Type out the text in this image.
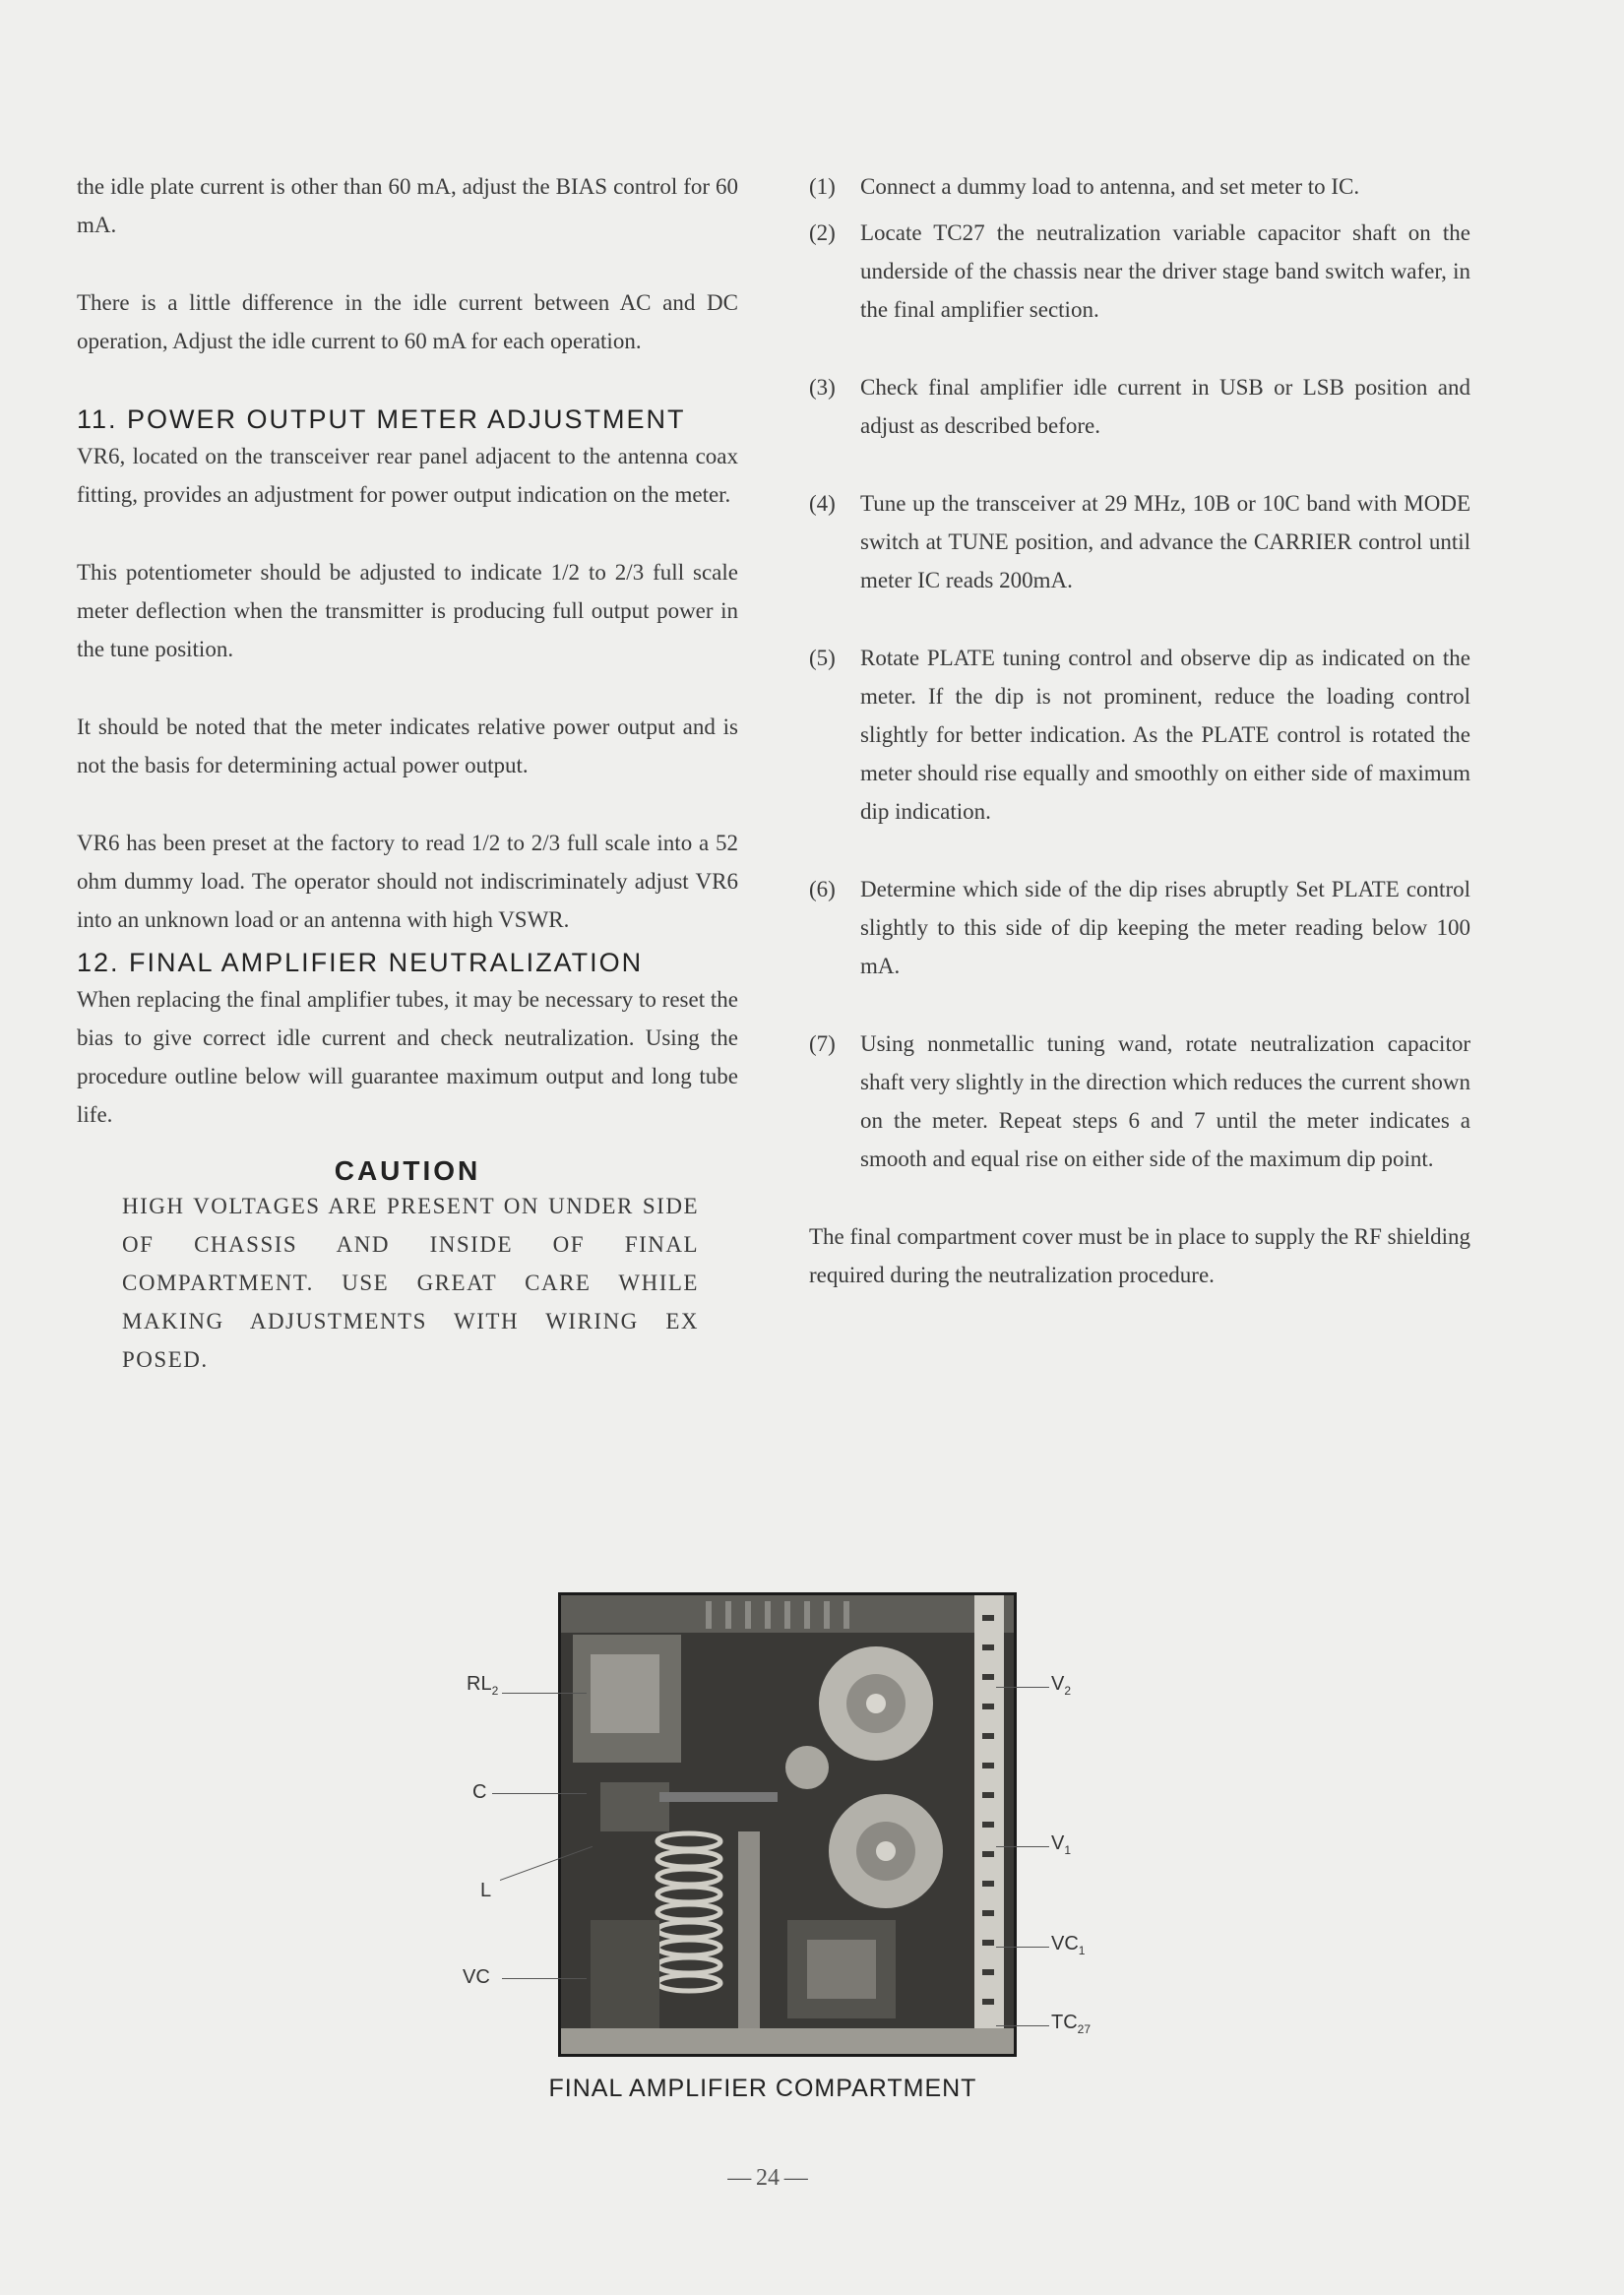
the idle plate current is other than 60 mA, adjust the BIAS control for 60 mA.

There is a little difference in the idle current between AC and DC operation, Adjust the idle current to 60 mA for each operation.

11. POWER OUTPUT METER ADJUSTMENT

VR6, located on the transceiver rear panel adjacent to the antenna coax fitting, provides an adjustment for power output indication on the meter.

This potentiometer should be adjusted to indicate 1/2 to 2/3 full scale meter deflection when the transmitter is producing full output power in the tune position.

It should be noted that the meter indicates relative power output and is not the basis for determining actual power output.

VR6 has been preset at the factory to read 1/2 to 2/3 full scale into a 52 ohm dummy load. The operator should not indiscriminately adjust VR6 into an unknown load or an antenna with high VSWR.

12. FINAL AMPLIFIER NEUTRALIZATION

When replacing the final amplifier tubes, it may be necessary to reset the bias to give correct idle current and check neutralization. Using the procedure outline below will guarantee maximum output and long tube life.

CAUTION

HIGH VOLTAGES ARE PRESENT ON UNDER SIDE OF CHASSIS AND INSIDE OF FINAL COMPARTMENT. USE GREAT CARE WHILE MAKING ADJUSTMENTS WITH WIRING EX POSED.

(1)	Connect a dummy load to antenna, and set meter to IC.
(2)	Locate TC27 the neutralization variable capacitor shaft on the underside of the chassis near the driver stage band switch wafer, in the final amplifier section.
(3)	Check final amplifier idle current in USB or LSB position and adjust as described before.
(4)	Tune up the transceiver at 29 MHz, 10B or 10C band with MODE switch at TUNE position, and advance the CARRIER control until meter IC reads 200mA.
(5)	Rotate PLATE tuning control and observe dip as indicated on the meter. If the dip is not prominent, reduce the loading control slightly for better indication. As the PLATE control is rotated the meter should rise equally and smoothly on either side of maximum dip indication.
(6)	Determine which side of the dip rises abruptly Set PLATE control slightly to this side of dip keeping the meter reading below 100 mA.
(7)	Using nonmetallic tuning wand, rotate neutralization capacitor shaft very slightly in the direction which reduces the current shown on the meter. Repeat steps 6 and 7 until the meter indicates a smooth and equal rise on either side of the maximum dip point.

The final compartment cover must be in place to supply the RF shielding required during the neutralization procedure.

$RL_2$
C 
L 
VC 
$V_2$
$V_1$
$VC_1$
$TC_{27}$
FINAL AMPLIFIER COMPARTMENT
— 24 —
